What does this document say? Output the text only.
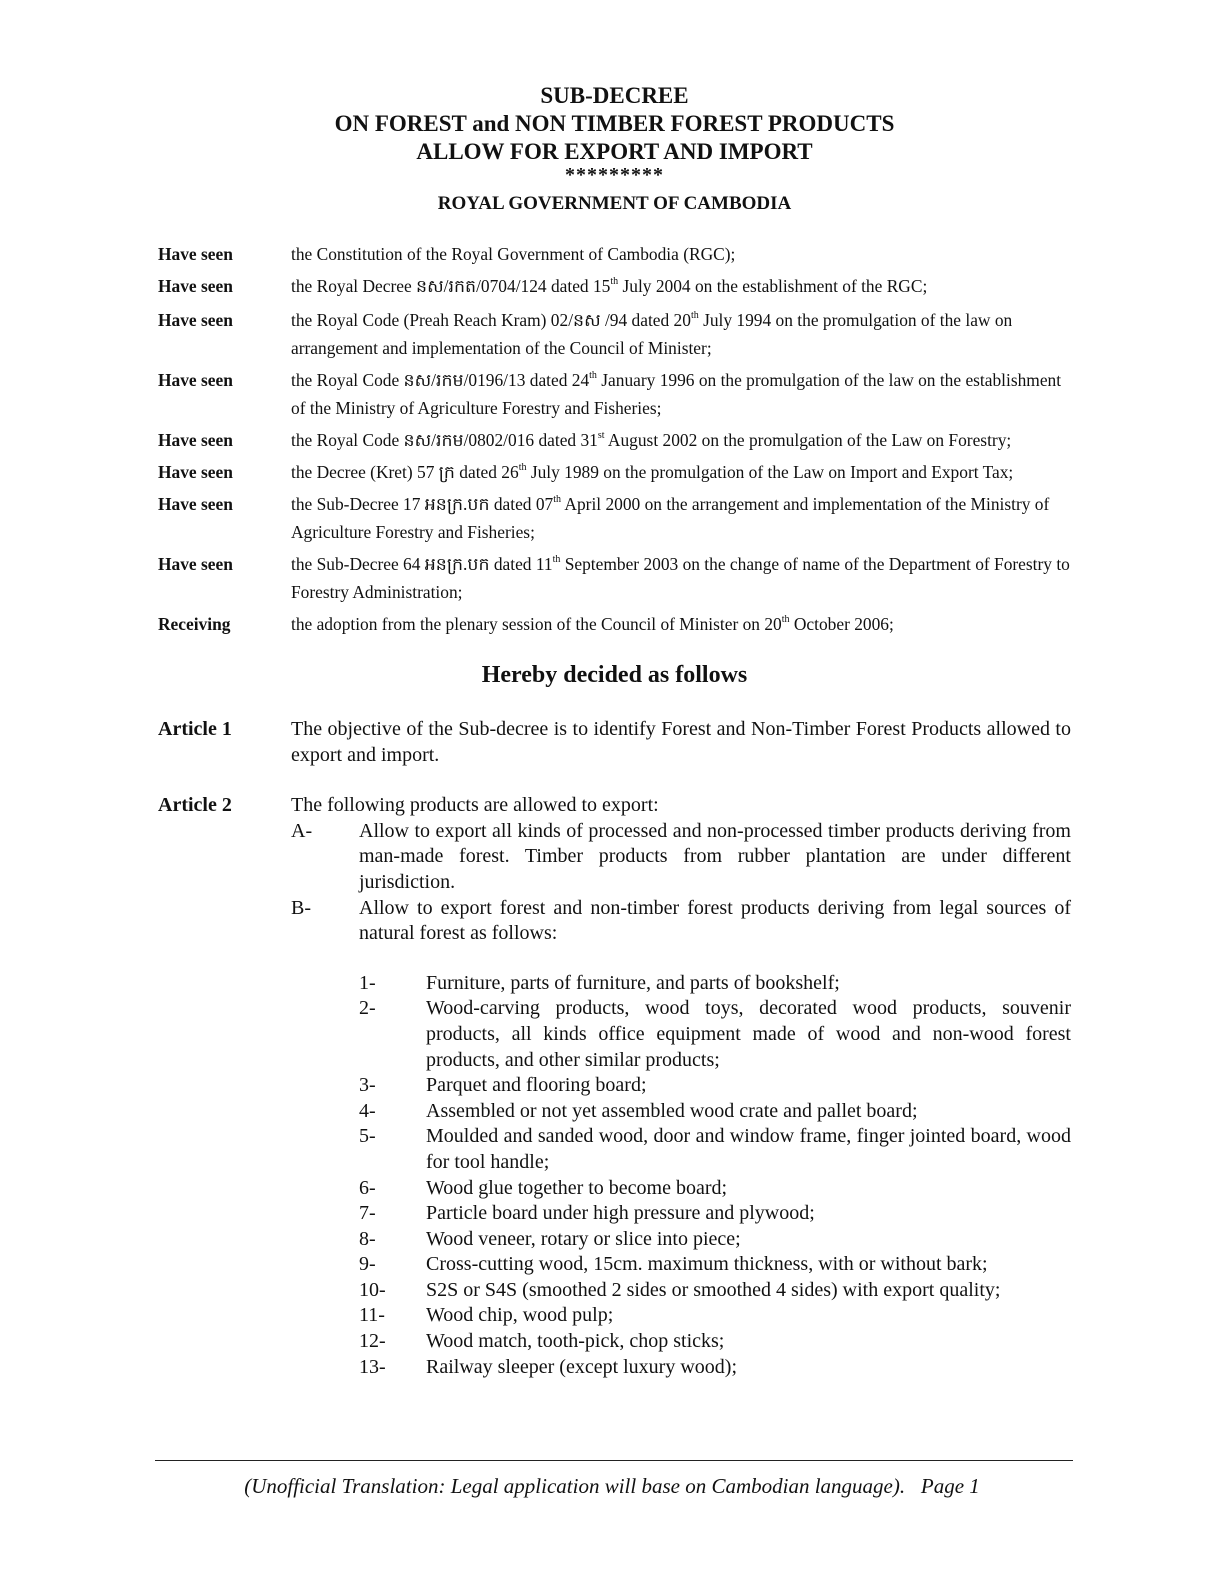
SUB-DECREE
ON FOREST and NON TIMBER FOREST PRODUCTS
ALLOW FOR EXPORT AND IMPORT
*********
ROYAL GOVERNMENT OF CAMBODIA
Have seen	the Constitution of the Royal Government of Cambodia (RGC);
Have seen	the Royal Decree នស/រកត/0704/124 dated 15th July 2004 on the establishment of the RGC;
Have seen	the Royal Code (Preah Reach Kram) 02/នស /94 dated 20th July 1994 on the promulgation of the law on arrangement and implementation of the Council of Minister;
Have seen	the Royal Code នស/រកម/0196/13 dated 24th January 1996 on the promulgation of the law on the establishment of the Ministry of Agriculture Forestry and Fisheries;
Have seen	the Royal Code នស/រកម/0802/016 dated 31st August 2002 on the promulgation of the Law on Forestry;
Have seen	the Decree (Kret) 57 ក្រ dated 26th July 1989 on the promulgation of the Law on Import and Export Tax;
Have seen	the Sub-Decree 17 អនក្រ.បក dated 07th April 2000 on the arrangement and implementation of the Ministry of Agriculture Forestry and Fisheries;
Have seen	the Sub-Decree 64 អនក្រ.បក dated 11th September 2003 on the change of name of the Department of Forestry to Forestry Administration;
Receiving	the adoption from the plenary session of the Council of Minister on 20th October 2006;
Hereby decided as follows
Article 1	The objective of the Sub-decree is to identify Forest and Non-Timber Forest Products allowed to export and import.
Article 2	The following products are allowed to export:
A-	Allow to export all kinds of processed and non-processed timber products deriving from man-made forest. Timber products from rubber plantation are under different jurisdiction.
B-	Allow to export forest and non-timber forest products deriving from legal sources of natural forest as follows:
1-	Furniture, parts of furniture, and parts of bookshelf;
2-	Wood-carving products, wood toys, decorated wood products, souvenir products, all kinds office equipment made of wood and non-wood forest products, and other similar products;
3-	Parquet and flooring board;
4-	Assembled or not yet assembled wood crate and pallet board;
5-	Moulded and sanded wood, door and window frame, finger jointed board, wood for tool handle;
6-	Wood glue together to become board;
7-	Particle board under high pressure and plywood;
8-	Wood veneer, rotary or slice into piece;
9-	Cross-cutting wood, 15cm. maximum thickness, with or without bark;
10-	S2S or S4S (smoothed 2 sides or smoothed 4 sides) with export quality;
11-	Wood chip, wood pulp;
12-	Wood match, tooth-pick, chop sticks;
13-	Railway sleeper (except luxury wood);
(Unofficial Translation: Legal application will base on Cambodian language). Page 1
